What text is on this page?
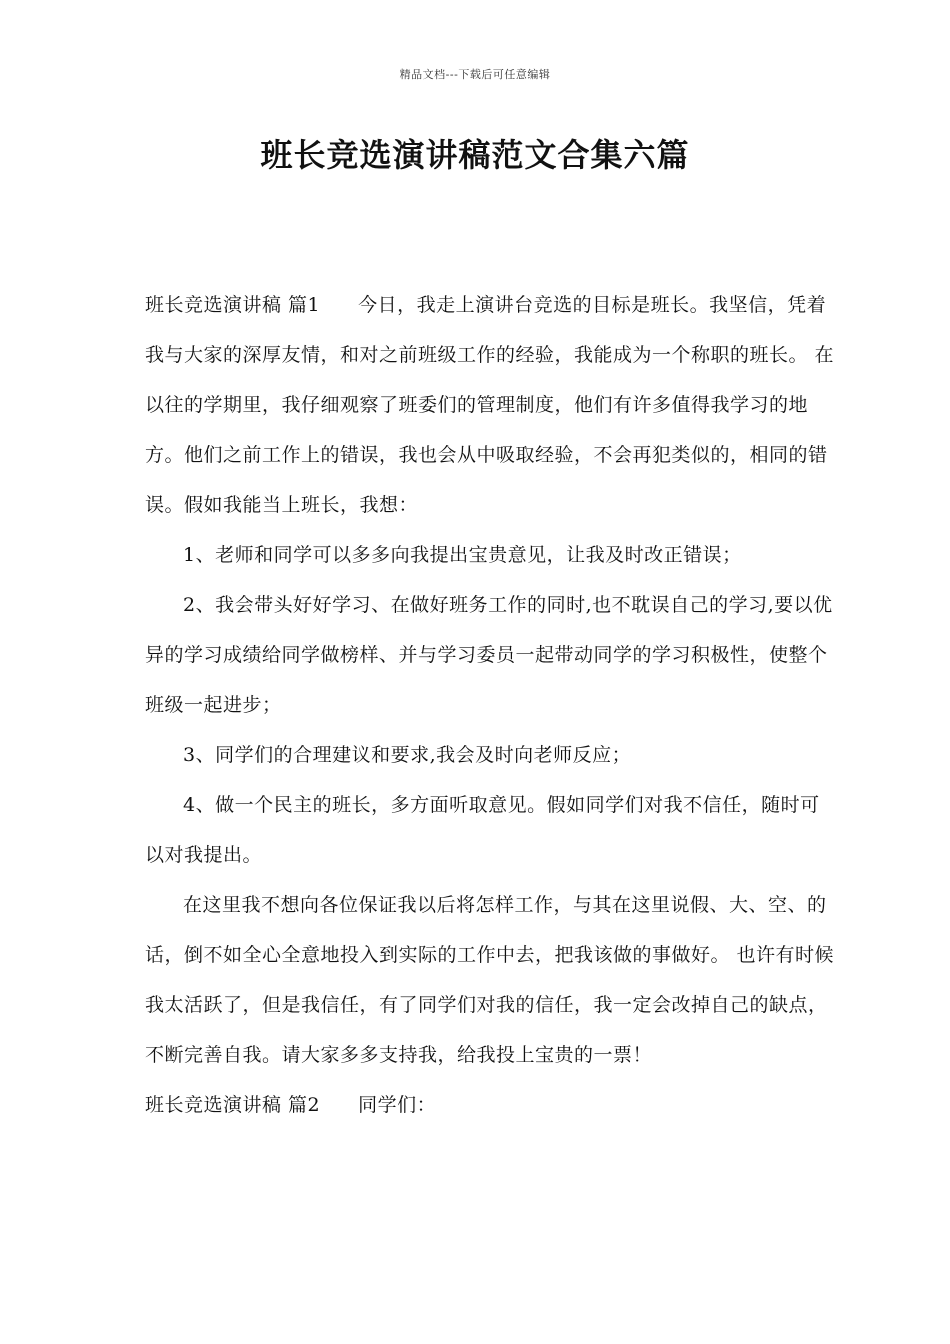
精品文档---下载后可任意编辑
班长竞选演讲稿范文合集六篇

班长竞选演讲稿 篇1 今日，我走上演讲台竞选的目标是班长。我坚信，凭着我与大家的深厚友情，和对之前班级工作的经验，我能成为一个称职的班长。 在以往的学期里，我仔细观察了班委们的管理制度，他们有许多值得我学习的地方。他们之前工作上的错误，我也会从中吸取经验，不会再犯类似的，相同的错误。假如我能当上班长，我想：

1、老师和同学可以多多向我提出宝贵意见，让我及时改正错误；

2、我会带头好好学习、在做好班务工作的同时,也不耽误自己的学习,要以优异的学习成绩给同学做榜样、并与学习委员一起带动同学的学习积极性，使整个班级一起进步；

3、同学们的合理建议和要求,我会及时向老师反应；

4、做一个民主的班长，多方面听取意见。假如同学们对我不信任，随时可以对我提出。

在这里我不想向各位保证我以后将怎样工作，与其在这里说假、大、空、的话，倒不如全心全意地投入到实际的工作中去，把我该做的事做好。 也许有时候我太活跃了，但是我信任，有了同学们对我的信任，我一定会改掉自己的缺点，不断完善自我。请大家多多支持我，给我投上宝贵的一票！

班长竞选演讲稿 篇2 同学们：
